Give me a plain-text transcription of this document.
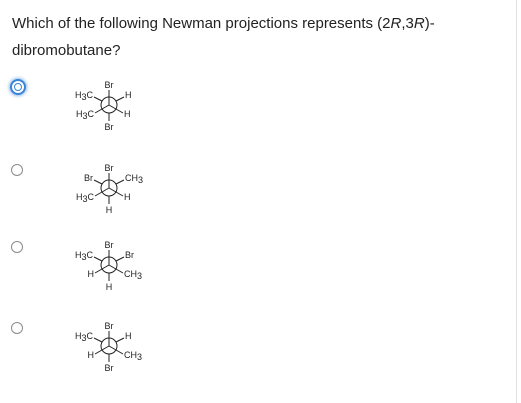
Which of the following Newman projections represents (2R,3R)-dibromobutane?
Br
H3C	H
H3C	H
Br
Br
Br	CH3
H3C	H
H
Br
H3C	Br
H	CH3
H
Br
H3C	H
H	CH3
Br
